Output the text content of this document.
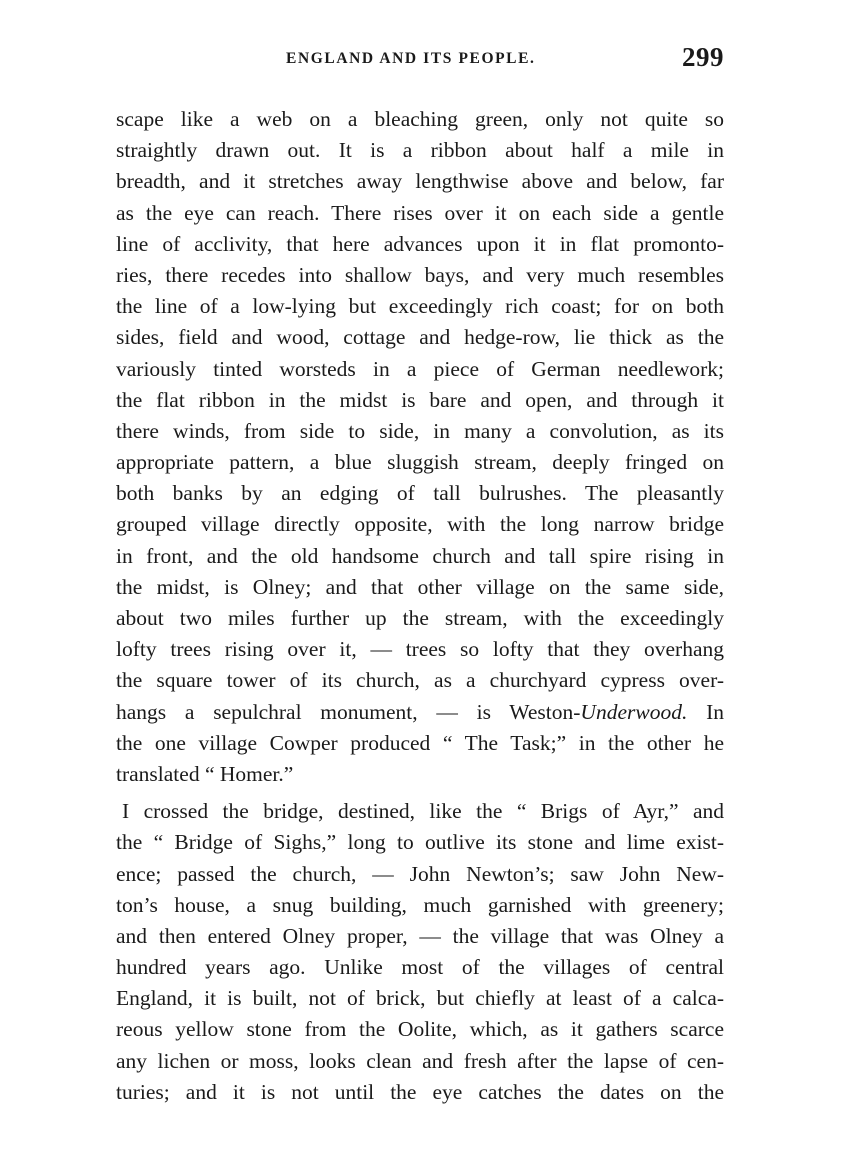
ENGLAND AND ITS PEOPLE.	299
scape like a web on a bleaching green, only not quite so
straightly drawn out. It is a ribbon about half a mile in
breadth, and it stretches away lengthwise above and below, far
as the eye can reach. There rises over it on each side a gentle
line of acclivity, that here advances upon it in flat promonto-
ries, there recedes into shallow bays, and very much resembles
the line of a low-lying but exceedingly rich coast; for on both
sides, field and wood, cottage and hedge-row, lie thick as the
variously tinted worsteds in a piece of German needlework;
the flat ribbon in the midst is bare and open, and through it
there winds, from side to side, in many a convolution, as its
appropriate pattern, a blue sluggish stream, deeply fringed on
both banks by an edging of tall bulrushes. The pleasantly
grouped village directly opposite, with the long narrow bridge
in front, and the old handsome church and tall spire rising in
the midst, is Olney; and that other village on the same side,
about two miles further up the stream, with the exceedingly
lofty trees rising over it, — trees so lofty that they overhang
the square tower of its church, as a churchyard cypress over-
hangs a sepulchral monument, — is Weston-Underwood. In
the one village Cowper produced “ The Task;” in the other he
translated “ Homer.”
I crossed the bridge, destined, like the “ Brigs of Ayr,” and
the “ Bridge of Sighs,” long to outlive its stone and lime exist-
ence; passed the church, — John Newton’s; saw John New-
ton’s house, a snug building, much garnished with greenery;
and then entered Olney proper, — the village that was Olney a
hundred years ago. Unlike most of the villages of central
England, it is built, not of brick, but chiefly at least of a calca-
reous yellow stone from the Oolite, which, as it gathers scarce
any lichen or moss, looks clean and fresh after the lapse of cen-
turies; and it is not until the eye catches the dates on the
